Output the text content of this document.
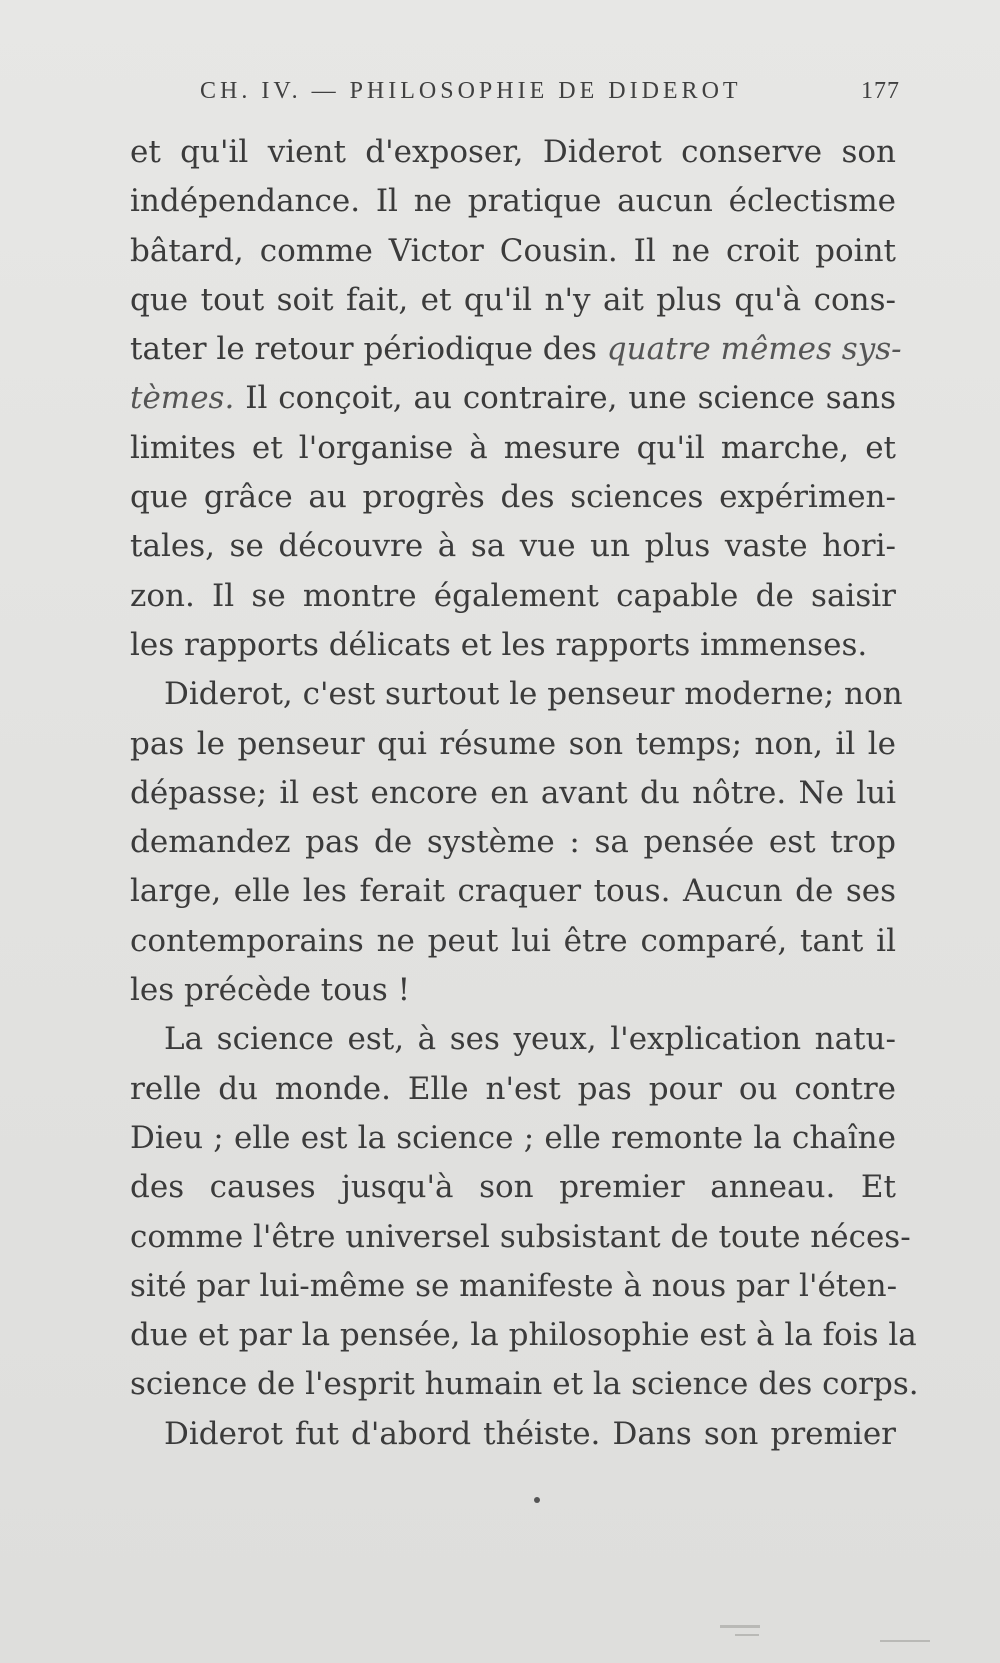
CH. IV. — PHILOSOPHIE DE DIDEROT	177
et qu'il vient d'exposer, Diderot conserve son
indépendance. Il ne pratique aucun éclectisme
bâtard, comme Victor Cousin. Il ne croit point
que tout soit fait, et qu'il n'y ait plus qu'à cons-
tater le retour périodique des quatre mêmes sys-
tèmes. Il conçoit, au contraire, une science sans
limites et l'organise à mesure qu'il marche, et
que grâce au progrès des sciences expérimen-
tales, se découvre à sa vue un plus vaste hori-
zon. Il se montre également capable de saisir
les rapports délicats et les rapports immenses.
Diderot, c'est surtout le penseur moderne; non
pas le penseur qui résume son temps; non, il le
dépasse; il est encore en avant du nôtre. Ne lui
demandez pas de système : sa pensée est trop
large, elle les ferait craquer tous. Aucun de ses
contemporains ne peut lui être comparé, tant il
les précède tous !
La science est, à ses yeux, l'explication natu-
relle du monde. Elle n'est pas pour ou contre
Dieu ; elle est la science ; elle remonte la chaîne
des causes jusqu'à son premier anneau. Et
comme l'être universel subsistant de toute néces-
sité par lui-même se manifeste à nous par l'éten-
due et par la pensée, la philosophie est à la fois la
science de l'esprit humain et la science des corps.
Diderot fut d'abord théiste. Dans son premier
